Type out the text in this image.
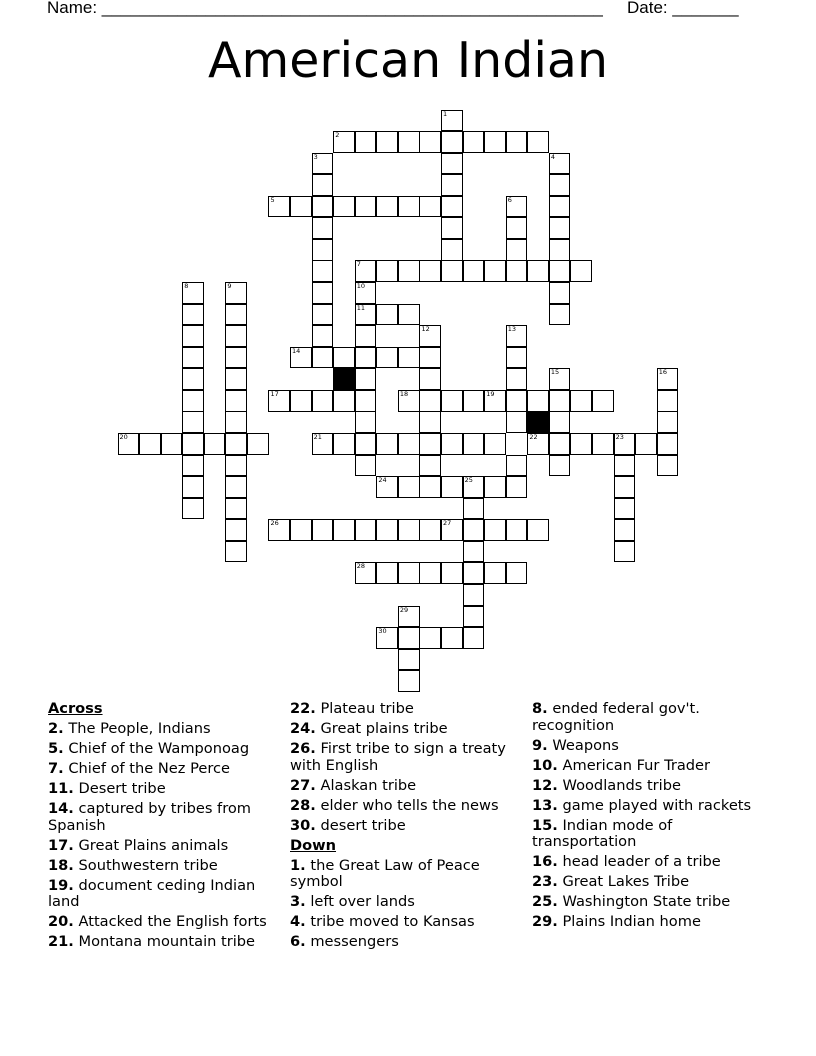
Name: _____________________________________________________ Date: _______
American Indian
1
2
3	4
5	6
7
8	9	10
11
12	13
14
15	16
17	18	19
20	21	22	23
24	25
26	27
28
29
30
Across
2. The People, Indians
5. Chief of the Wamponoag
7. Chief of the Nez Perce
11. Desert tribe
14. captured by tribes from Spanish
17. Great Plains animals
18. Southwestern tribe
19. document ceding Indian land
20. Attacked the English forts
21. Montana mountain tribe
22. Plateau tribe
24. Great plains tribe
26. First tribe to sign a treaty with English
27. Alaskan tribe
28. elder who tells the news
30. desert tribe
Down
1. the Great Law of Peace symbol
3. left over lands
4. tribe moved to Kansas
6. messengers
8. ended federal gov't. recognition
9. Weapons
10. American Fur Trader
12. Woodlands tribe
13. game played with rackets
15. Indian mode of transportation
16. head leader of a tribe
23. Great Lakes Tribe
25. Washington State tribe
29. Plains Indian home
